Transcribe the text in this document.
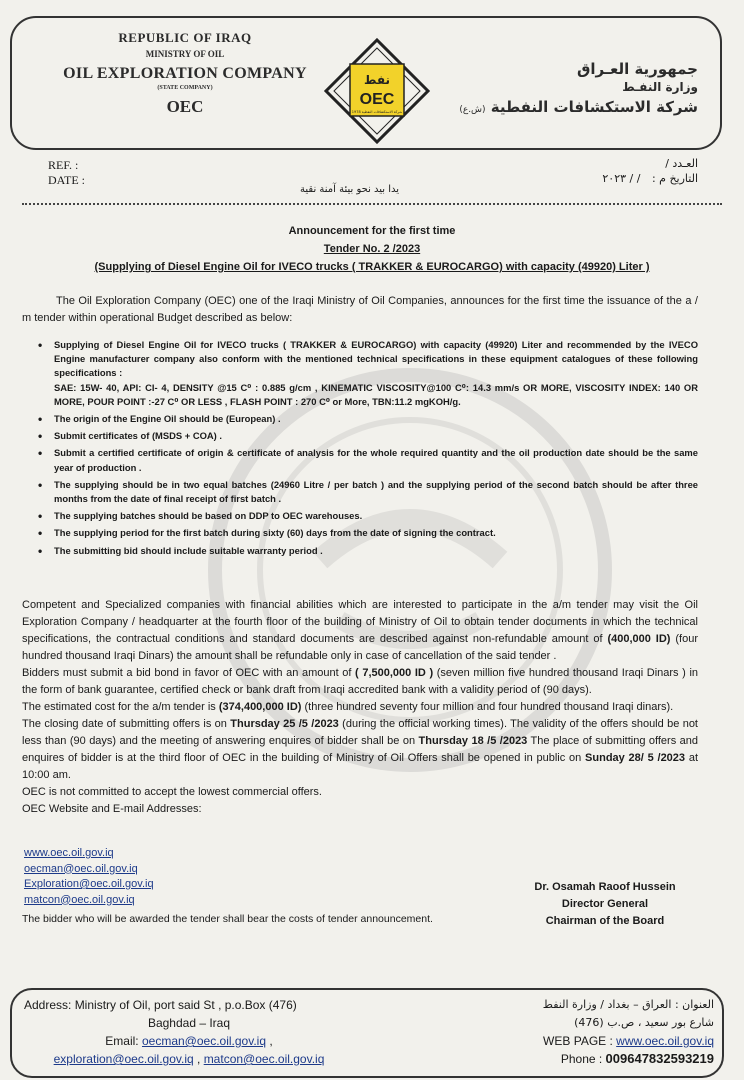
REPUBLIC OF IRAQ
MINISTRY OF OIL
OIL EXPLORATION COMPANY
(STATE COMPANY)
OEC
نفط
OEC
شركة الاستكشافات النفطية 1978
جمهورية العـراق
وزارة النفـط
شركة الاستكشافات النفطية (ش.ع)
REF. :
DATE :
العـدد /
التاريخ م : / / ٢٠٢٣
يدا بيد نحو بيئة آمنة نقية
Announcement for the first time
Tender No. 2 /2023
(Supplying of Diesel Engine Oil for IVECO trucks ( TRAKKER & EUROCARGO) with capacity (49920) Liter )
The Oil Exploration Company (OEC) one of the Iraqi Ministry of Oil Companies, announces for the first time the issuance of the a / m tender within operational Budget described as below:
• Supplying of Diesel Engine Oil for IVECO trucks ( TRAKKER & EUROCARGO) with capacity (49920) Liter and recommended by the IVECO Engine manufacturer company also conform with the mentioned technical specifications in these equipment catalogues of these following specifications :
SAE: 15W- 40, API: CI- 4, DENSITY @15 C⁰ : 0.885 g/cm , KINEMATIC VISCOSITY@100 C⁰: 14.3 mm/s OR MORE, VISCOSITY INDEX: 140 OR MORE, POUR POINT :-27 C⁰ OR LESS , FLASH POINT : 270 C⁰ or More, TBN:11.2 mgKOH/g.
• The origin of the Engine Oil should be (European) .
• Submit certificates of (MSDS + COA) .
• Submit a certified certificate of origin & certificate of analysis for the whole required quantity and the oil production date should be the same year of production .
• The supplying should be in two equal batches (24960 Litre / per batch ) and the supplying period of the second batch should be after three months from the date of final receipt of first batch .
• The supplying batches should be based on DDP to OEC warehouses.
• The supplying period for the first batch during sixty (60) days from the date of signing the contract.
• The submitting bid should include suitable warranty period .

Competent and Specialized companies with financial abilities which are interested to participate in the a/m tender may visit the Oil Exploration Company / headquarter at the fourth floor of the building of Ministry of Oil to obtain tender documents in which the technical specifications, the contractual conditions and standard documents are described against non-refundable amount of (400,000 ID) (four hundred thousand Iraqi Dinars) the amount shall be refundable only in case of cancellation of the said tender .

Bidders must submit a bid bond in favor of OEC with an amount of ( 7,500,000 ID ) (seven million five hundred thousand Iraqi Dinars ) in the form of bank guarantee, certified check or bank draft from Iraqi accredited bank with a validity period of (90 days).

The estimated cost for the a/m tender is (374,400,000 ID) (three hundred seventy four million and four hundred thousand Iraqi dinars).

The closing date of submitting offers is on Thursday 25 /5 /2023 (during the official working times). The validity of the offers should be not less than (90 days) and the meeting of answering enquires of bidder shall be on Thursday 18 /5 /2023 The place of submitting offers and enquires of bidder is at the third floor of OEC in the building of Ministry of Oil Offers shall be opened in public on Sunday 28/ 5 /2023 at 10:00 am.

OEC is not committed to accept the lowest commercial offers.

OEC Website and E-mail Addresses:

www.oec.oil.gov.iq
oecman@oec.oil.gov.iq
Exploration@oec.oil.gov.iq
matcon@oec.oil.gov.iq
The bidder who will be awarded the tender shall bear the costs of tender announcement.
Dr. Osamah Raoof Hussein
Director General
Chairman of the Board
Address: Ministry of Oil, port said St , p.o.Box (476)
Baghdad – Iraq
Email: oecman@oec.oil.gov.iq ,
exploration@oec.oil.gov.iq , matcon@oec.oil.gov.iq
العنوان : العراق – بغداد / وزارة النفط
شارع بور سعيد ، ص.ب (476)
WEB PAGE : www.oec.oil.gov.iq
Phone : 009647832593219
